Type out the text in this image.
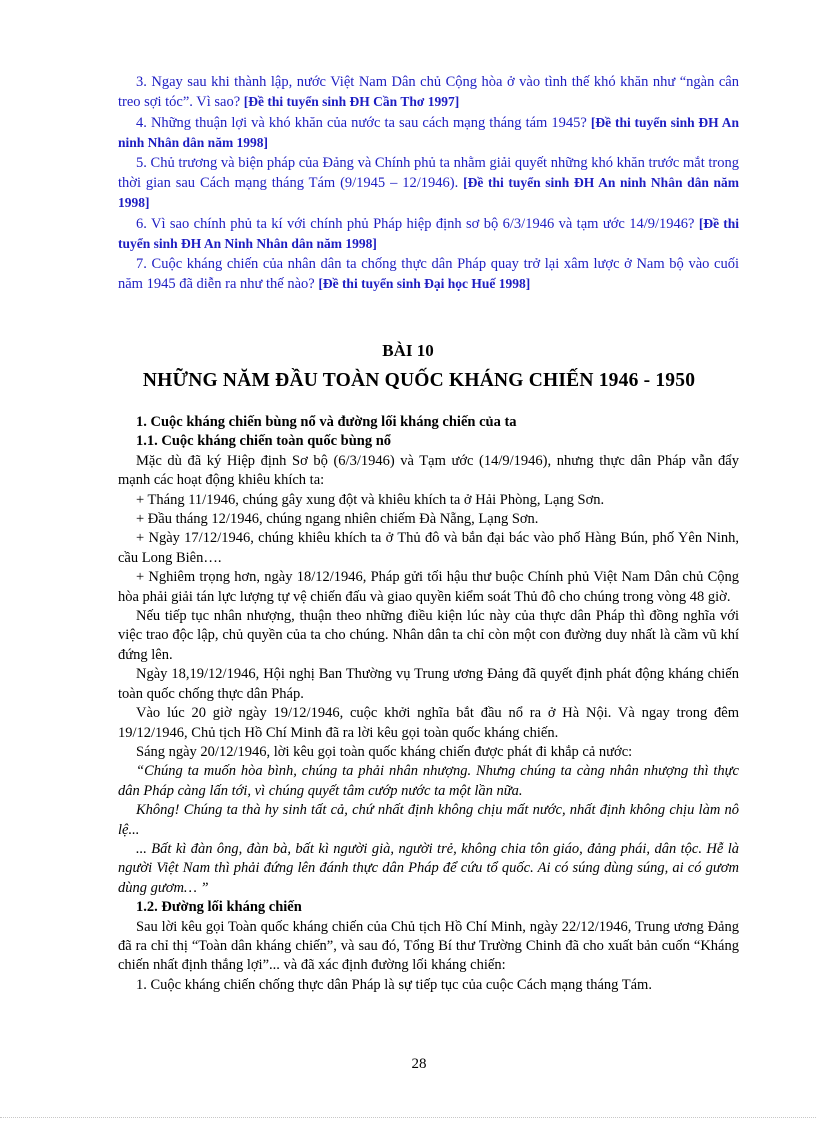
3. Ngay sau khi thành lập, nước Việt Nam Dân chủ Cộng hòa ở vào tình thế khó khăn như “ngàn cân treo sợi tóc”. Vì sao? [Đề thi tuyển sinh ĐH Cần Thơ 1997]

4. Những thuận lợi và khó khăn của nước ta sau cách mạng tháng tám 1945? [Đề thi tuyển sinh ĐH An ninh Nhân dân năm 1998]

5. Chủ trương và biện pháp của Đảng và Chính phủ ta nhằm giải quyết những khó khăn trước mắt trong thời gian sau Cách mạng tháng Tám (9/1945 – 12/1946). [Đề thi tuyển sinh ĐH An ninh Nhân dân năm 1998]

6. Vì sao chính phủ ta kí với chính phủ Pháp hiệp định sơ bộ 6/3/1946 và tạm ước 14/9/1946? [Đề thi tuyển sinh ĐH An Ninh Nhân dân năm 1998]

7. Cuộc kháng chiến của nhân dân ta chống thực dân Pháp quay trở lại xâm lược ở Nam bộ vào cuối năm 1945 đã diễn ra như thế nào? [Đề thi tuyển sinh Đại học Huế 1998]

BÀI 10
NHỮNG NĂM ĐẦU TOÀN QUỐC KHÁNG CHIẾN 1946 - 1950

1. Cuộc kháng chiến bùng nổ và đường lối kháng chiến của ta

1.1. Cuộc kháng chiến toàn quốc bùng nổ

Mặc dù đã ký Hiệp định Sơ bộ (6/3/1946) và Tạm ước (14/9/1946), nhưng thực dân Pháp vẫn đẩy mạnh các hoạt động khiêu khích ta:

+ Tháng 11/1946, chúng gây xung đột và khiêu khích ta ở Hải Phòng, Lạng Sơn.

+ Đầu tháng 12/1946, chúng ngang nhiên chiếm Đà Nẵng, Lạng Sơn.

+ Ngày 17/12/1946, chúng khiêu khích ta ở Thủ đô và bắn đại bác vào phố Hàng Bún, phố Yên Ninh, cầu Long Biên….

+ Nghiêm trọng hơn, ngày 18/12/1946, Pháp gửi tối hậu thư buộc Chính phủ Việt Nam Dân chủ Cộng hòa phải giải tán lực lượng tự vệ chiến đấu và giao quyền kiểm soát Thủ đô cho chúng trong vòng 48 giờ.

Nếu tiếp tục nhân nhượng, thuận theo những điều kiện lúc này của thực dân Pháp thì đồng nghĩa với việc trao độc lập, chủ quyền của ta cho chúng. Nhân dân ta chỉ còn một con đường duy nhất là cầm vũ khí đứng lên.

Ngày 18,19/12/1946, Hội nghị Ban Thường vụ Trung ương Đảng đã quyết định phát động kháng chiến toàn quốc chống thực dân Pháp.

Vào lúc 20 giờ ngày 19/12/1946, cuộc khởi nghĩa bắt đầu nổ ra ở Hà Nội. Và ngay trong đêm 19/12/1946, Chủ tịch Hồ Chí Minh đã ra lời kêu gọi toàn quốc kháng chiến.

Sáng ngày 20/12/1946, lời kêu gọi toàn quốc kháng chiến được phát đi khắp cả nước:

“Chúng ta muốn hòa bình, chúng ta phải nhân nhượng. Nhưng chúng ta càng nhân nhượng thì thực dân Pháp càng lấn tới, vì chúng quyết tâm cướp nước ta một lần nữa.

Không! Chúng ta thà hy sinh tất cả, chứ nhất định không chịu mất nước, nhất định không chịu làm nô lệ...

... Bất kì đàn ông, đàn bà, bất kì người già, người trẻ, không chia tôn giáo, đảng phái, dân tộc. Hễ là người Việt Nam thì phải đứng lên đánh thực dân Pháp để cứu tổ quốc. Ai có súng dùng súng, ai có gươm dùng gươm… ”

1.2. Đường lối kháng chiến

Sau lời kêu gọi Toàn quốc kháng chiến của Chủ tịch Hồ Chí Minh, ngày 22/12/1946, Trung ương Đảng đã ra chỉ thị “Toàn dân kháng chiến”, và sau đó, Tổng Bí thư Trường Chinh đã cho xuất bản cuốn “Kháng chiến nhất định thắng lợi”... và đã xác định đường lối kháng chiến:

1. Cuộc kháng chiến chống thực dân Pháp là sự tiếp tục của cuộc Cách mạng tháng Tám.

28
